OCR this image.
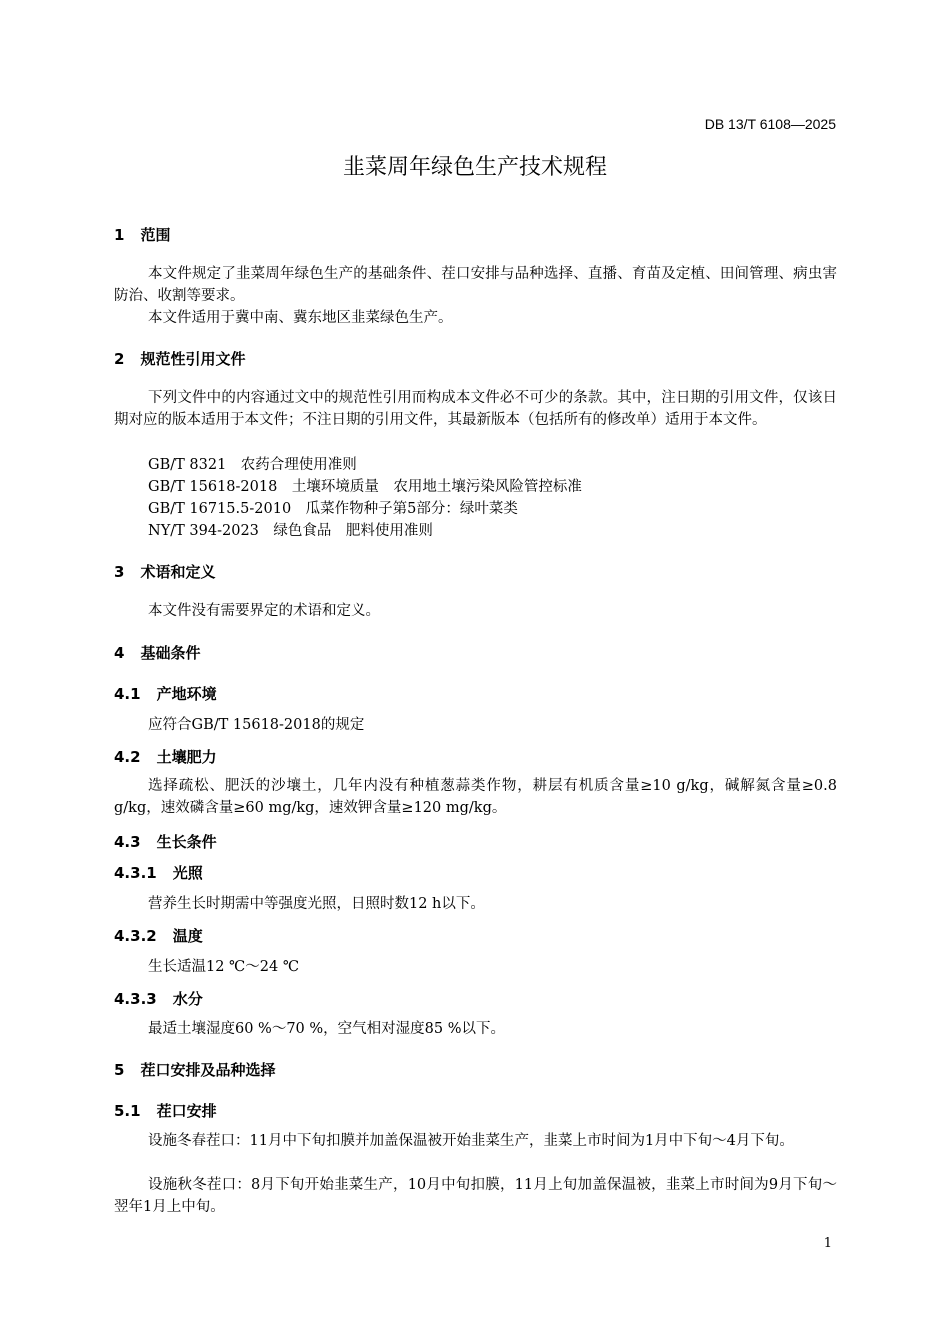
DB 13/T 6108—2025
韭菜周年绿色生产技术规程
1 范围
本文件规定了韭菜周年绿色生产的基础条件、茬口安排与品种选择、直播、育苗及定植、田间管理、病虫害防治、收割等要求。
本文件适用于冀中南、冀东地区韭菜绿色生产。
2 规范性引用文件
下列文件中的内容通过文中的规范性引用而构成本文件必不可少的条款。其中，注日期的引用文件，仅该日期对应的版本适用于本文件；不注日期的引用文件，其最新版本（包括所有的修改单）适用于本文件。
GB/T 8321　农药合理使用准则
GB/T 15618-2018　土壤环境质量　农用地土壤污染风险管控标准
GB/T 16715.5-2010　瓜菜作物种子第5部分：绿叶菜类
NY/T 394-2023　绿色食品　肥料使用准则
3 术语和定义
本文件没有需要界定的术语和定义。
4 基础条件
4.1 产地环境
应符合GB/T 15618-2018的规定
4.2 土壤肥力
选择疏松、肥沃的沙壤土，几年内没有种植葱蒜类作物，耕层有机质含量≥10 g/kg，碱解氮含量≥0.8 g/kg，速效磷含量≥60 mg/kg，速效钾含量≥120 mg/kg。
4.3 生长条件
4.3.1 光照
营养生长时期需中等强度光照，日照时数12 h以下。
4.3.2 温度
生长适温12 ℃～24 ℃
4.3.3 水分
最适土壤湿度60 %～70 %，空气相对湿度85 %以下。
5 茬口安排及品种选择
5.1 茬口安排
设施冬春茬口：11月中下旬扣膜并加盖保温被开始韭菜生产，韭菜上市时间为1月中下旬～4月下旬。
设施秋冬茬口：8月下旬开始韭菜生产，10月中旬扣膜，11月上旬加盖保温被，韭菜上市时间为9月下旬～翌年1月上中旬。
1
